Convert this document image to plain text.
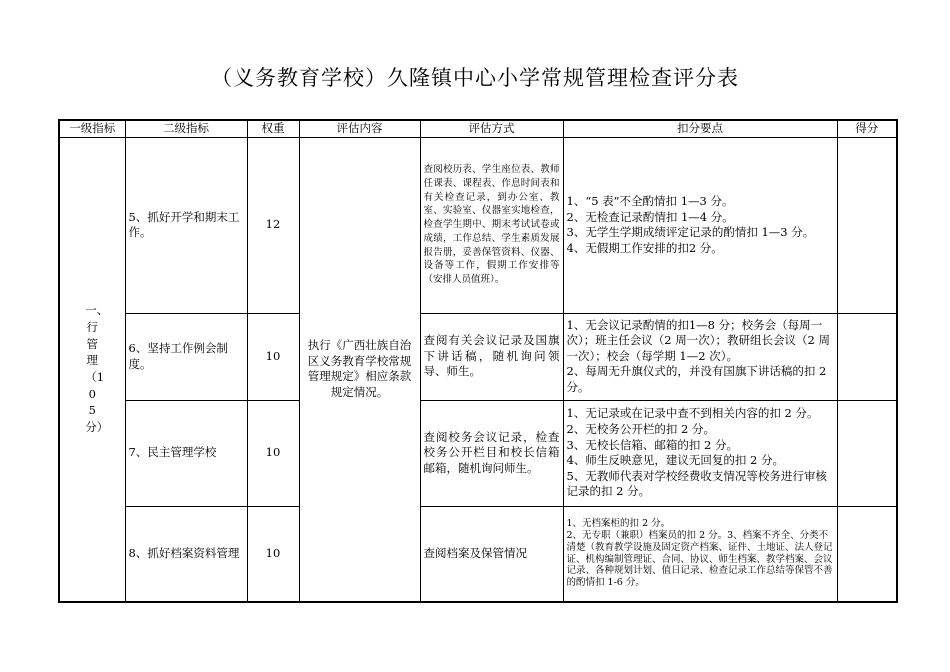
（义务教育学校）久隆镇中心小学常规管理检查评分表
一级指标	二级指标	权重	评估内容	评估方式	扣分要点	得分
一、行管理（105分）	5、抓好开学和期末工作。	12	执行《广西壮族自治区义务教育学校常规管理规定》相应条款规定情况。	查阅校历表、学生座位表、教师任课表、课程表、作息时间表和有关检查记录，到办公室、教室、实验室、仪器室实地检查，检查学生期中、期末考试试卷或成绩，工作总结、学生素质发展报告册，妥善保管资料、仪器、设备等工作，假期工作安排等（安排人员值班）。	1、“5 表”不全酌情扣 1—3 分。
2、无检查记录酌情扣 1—4 分。
3、无学生学期成绩评定记录的酌情扣 1—3 分。
4、无假期工作安排的扣2 分。	
	6、坚持工作例会制度。	10		查阅有关会议记录及国旗下讲话稿，随机询问领导、师生。	1、无会议记录酌情的扣1—8 分；校务会（每周一次）；班主任会议（2 周一次）；教研组长会议（2 周一次）；校会（每学期 1—2 次）。
2、每周无升旗仪式的，并没有国旗下讲话稿的扣 2 分。	
	7、民主管理学校	10		查阅校务会议记录，检查校务公开栏目和校长信箱邮箱，随机询问师生。	1、无记录或在记录中查不到相关内容的扣 2 分。2、无校务公开栏的扣 2 分。
3、无校长信箱、邮箱的扣 2 分。
4、师生反映意见，建议无回复的扣 2 分。
5、无教师代表对学校经费收支情况等校务进行审核记录的扣 2 分。	
	8、抓好档案资料管理	10		查阅档案及保管情况	1、无档案柜的扣 2 分。
2、无专职（兼职）档案员的扣 2 分。3、档案不齐全、分类不清楚（教育教学设施及固定资产档案、证件、土地证、法人登记证、机构编制管理证、合同、协议、师生档案、教学档案、会议记录、各种规划计划、值日记录、检查记录工作总结等保管不善的酌情扣 1-6 分。	
